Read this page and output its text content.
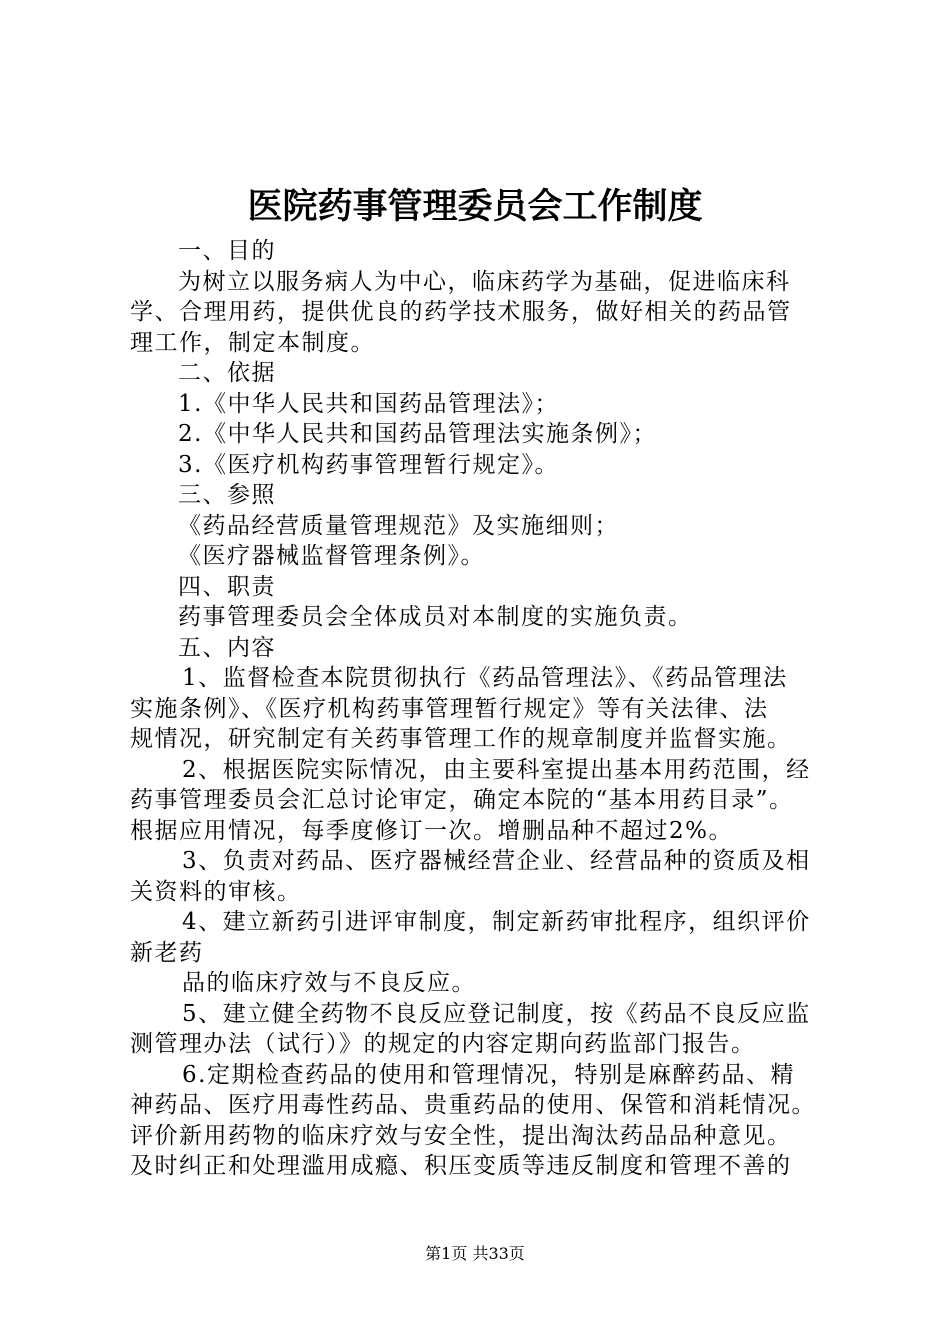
医院药事管理委员会工作制度
一、目的
为树立以服务病人为中心，临床药学为基础，促进临床科
学、合理用药，提供优良的药学技术服务，做好相关的药品管
理工作，制定本制度。
二、依据
1.《中华人民共和国药品管理法》；
2.《中华人民共和国药品管理法实施条例》；
3.《医疗机构药事管理暂行规定》。
三、参照
《药品经营质量管理规范》及实施细则；
《医疗器械监督管理条例》。
四、职责
药事管理委员会全体成员对本制度的实施负责。
五、内容
1、监督检查本院贯彻执行《药品管理法》、《药品管理法
实施条例》、《医疗机构药事管理暂行规定》等有关法律、法
规情况，研究制定有关药事管理工作的规章制度并监督实施。
2、根据医院实际情况，由主要科室提出基本用药范围，经
药事管理委员会汇总讨论审定，确定本院的“基本用药目录”。
根据应用情况，每季度修订一次。增删品种不超过2%。
3、负责对药品、医疗器械经营企业、经营品种的资质及相
关资料的审核。
4、建立新药引进评审制度，制定新药审批程序，组织评价
新老药
品的临床疗效与不良反应。
5、建立健全药物不良反应登记制度，按《药品不良反应监
测管理办法（试行）》的规定的内容定期向药监部门报告。
6.定期检查药品的使用和管理情况，特别是麻醉药品、精
神药品、医疗用毒性药品、贵重药品的使用、保管和消耗情况。
评价新用药物的临床疗效与安全性，提出淘汰药品品种意见。
及时纠正和处理滥用成瘾、积压变质等违反制度和管理不善的
第1页 共33页
